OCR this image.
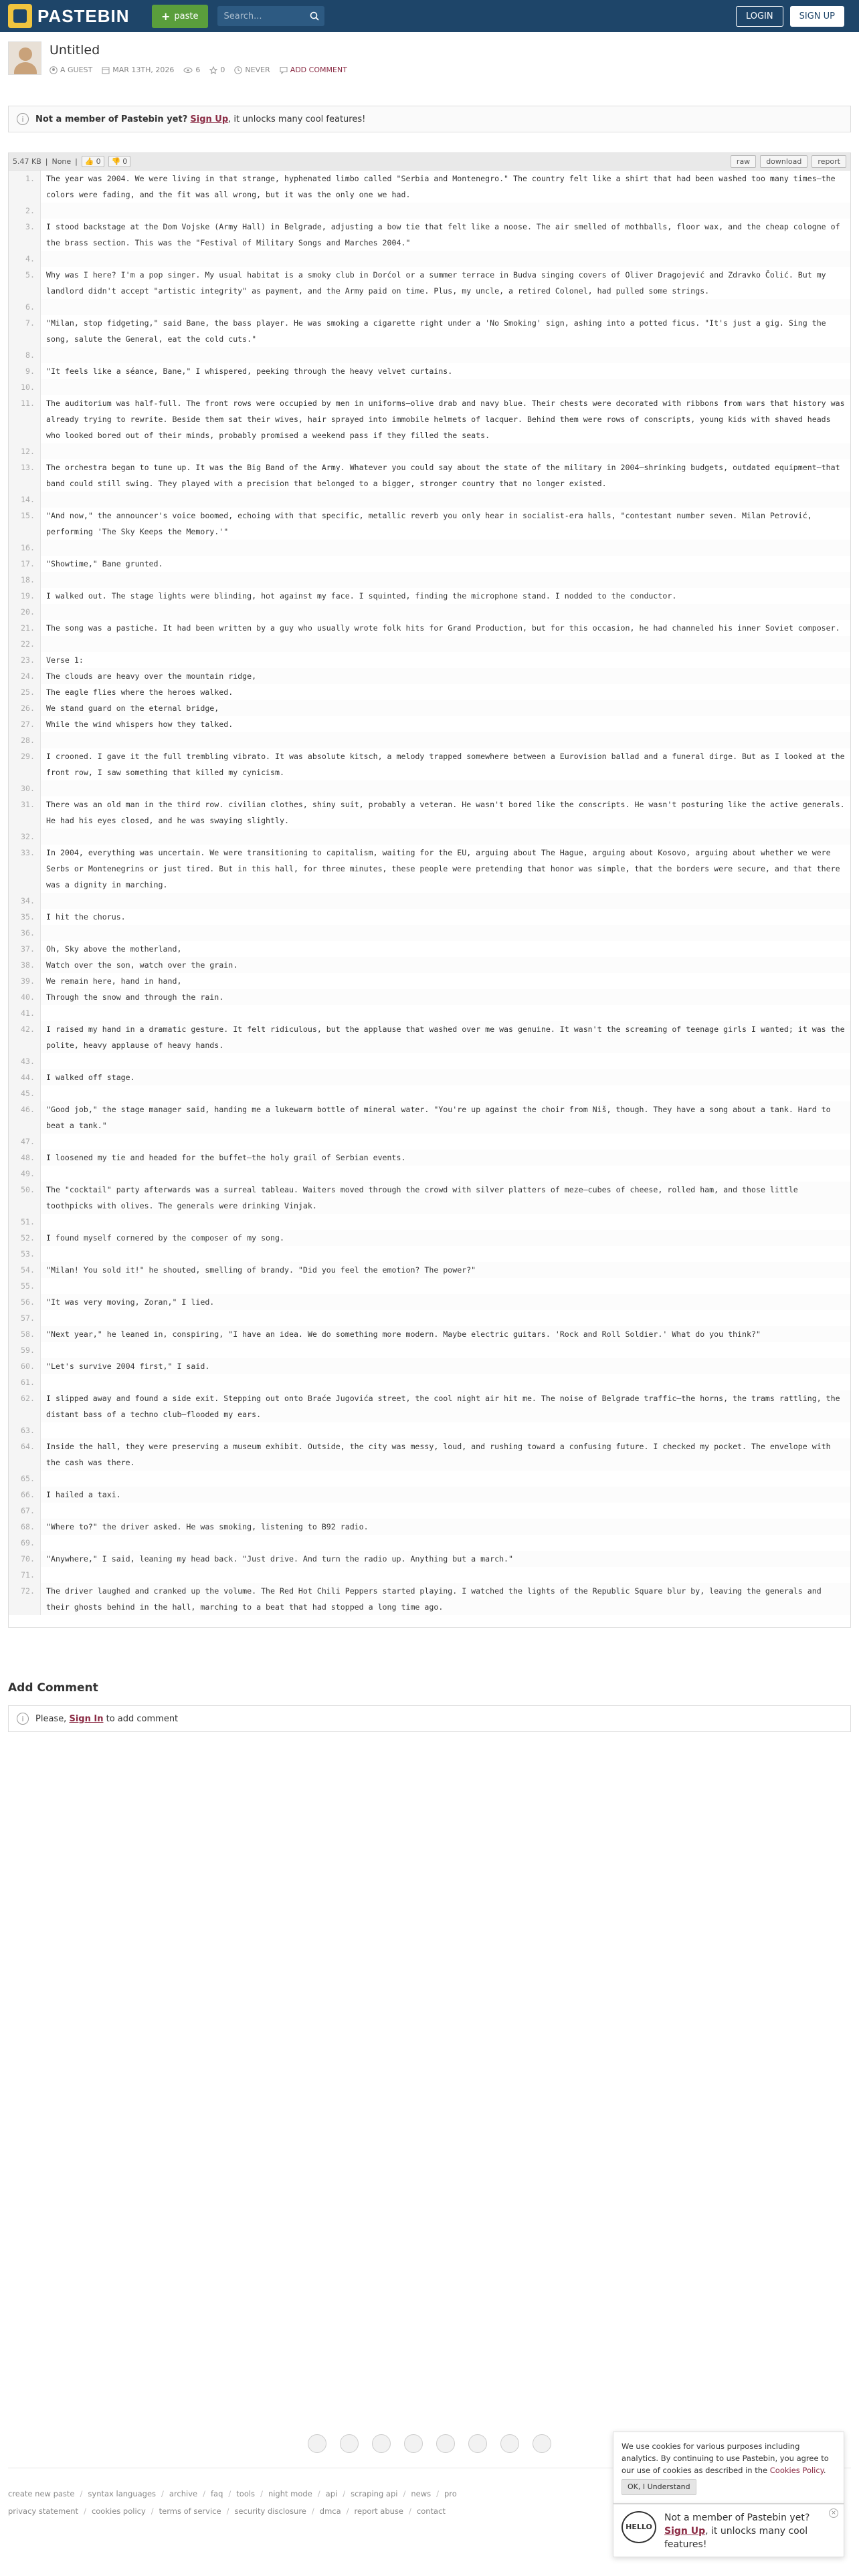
PASTEBIN	+ paste
Search...	LOGIN	SIGN UP
Untitled
A GUEST	MAR 13TH, 2026	6	0	NEVER	ADD COMMENT
i	Not a member of Pastebin yet? Sign Up, it unlocks many cool features!
5.47 KB | None | 👍 0 👎 0	raw	download	report
1.	The year was 2004. We were living in that strange, hyphenated limbo called "Serbia and Montenegro." The country felt like a shirt that had been washed too many times—the colors were fading, and the fit was all wrong, but it was the only one we had.
2.
3.	I stood backstage at the Dom Vojske (Army Hall) in Belgrade, adjusting a bow tie that felt like a noose. The air smelled of mothballs, floor wax, and the cheap cologne of the brass section. This was the "Festival of Military Songs and Marches 2004."
4.
5.	Why was I here? I'm a pop singer. My usual habitat is a smoky club in Dorćol or a summer terrace in Budva singing covers of Oliver Dragojević and Zdravko Čolić. But my landlord didn't accept "artistic integrity" as payment, and the Army paid on time. Plus, my uncle, a retired Colonel, had pulled some strings.
6.
7.	"Milan, stop fidgeting," said Bane, the bass player. He was smoking a cigarette right under a 'No Smoking' sign, ashing into a potted ficus. "It's just a gig. Sing the song, salute the General, eat the cold cuts."
8.
9.	"It feels like a séance, Bane," I whispered, peeking through the heavy velvet curtains.
10.
11.	The auditorium was half-full. The front rows were occupied by men in uniforms—olive drab and navy blue. Their chests were decorated with ribbons from wars that history was already trying to rewrite. Beside them sat their wives, hair sprayed into immobile helmets of lacquer. Behind them were rows of conscripts, young kids with shaved heads who looked bored out of their minds, probably promised a weekend pass if they filled the seats.
12.
13.	The orchestra began to tune up. It was the Big Band of the Army. Whatever you could say about the state of the military in 2004—shrinking budgets, outdated equipment—that band could still swing. They played with a precision that belonged to a bigger, stronger country that no longer existed.
14.
15.	"And now," the announcer's voice boomed, echoing with that specific, metallic reverb you only hear in socialist-era halls, "contestant number seven. Milan Petrović, performing 'The Sky Keeps the Memory.'"
16.
17.	"Showtime," Bane grunted.
18.
19.	I walked out. The stage lights were blinding, hot against my face. I squinted, finding the microphone stand. I nodded to the conductor.
20.
21.	The song was a pastiche. It had been written by a guy who usually wrote folk hits for Grand Production, but for this occasion, he had channeled his inner Soviet composer.
22.
23.	Verse 1:
24.	The clouds are heavy over the mountain ridge,
25.	The eagle flies where the heroes walked.
26.	We stand guard on the eternal bridge,
27.	While the wind whispers how they talked.
28.
29.	I crooned. I gave it the full trembling vibrato. It was absolute kitsch, a melody trapped somewhere between a Eurovision ballad and a funeral dirge. But as I looked at the front row, I saw something that killed my cynicism.
30.
31.	There was an old man in the third row. civilian clothes, shiny suit, probably a veteran. He wasn't bored like the conscripts. He wasn't posturing like the active generals. He had his eyes closed, and he was swaying slightly.
32.
33.	In 2004, everything was uncertain. We were transitioning to capitalism, waiting for the EU, arguing about The Hague, arguing about Kosovo, arguing about whether we were Serbs or Montenegrins or just tired. But in this hall, for three minutes, these people were pretending that honor was simple, that the borders were secure, and that there was a dignity in marching.
34.
35.	I hit the chorus.
36.
37.	Oh, Sky above the motherland,
38.	Watch over the son, watch over the grain.
39.	We remain here, hand in hand,
40.	Through the snow and through the rain.
41.
42.	I raised my hand in a dramatic gesture. It felt ridiculous, but the applause that washed over me was genuine. It wasn't the screaming of teenage girls I wanted; it was the polite, heavy applause of heavy hands.
43.
44.	I walked off stage.
45.
46.	"Good job," the stage manager said, handing me a lukewarm bottle of mineral water. "You're up against the choir from Niš, though. They have a song about a tank. Hard to beat a tank."
47.
48.	I loosened my tie and headed for the buffet—the holy grail of Serbian events.
49.
50.	The "cocktail" party afterwards was a surreal tableau. Waiters moved through the crowd with silver platters of meze—cubes of cheese, rolled ham, and those little toothpicks with olives. The generals were drinking Vinjak.
51.
52.	I found myself cornered by the composer of my song.
53.
54.	"Milan! You sold it!" he shouted, smelling of brandy. "Did you feel the emotion? The power?"
55.
56.	"It was very moving, Zoran," I lied.
57.
58.	"Next year," he leaned in, conspiring, "I have an idea. We do something more modern. Maybe electric guitars. 'Rock and Roll Soldier.' What do you think?"
59.
60.	"Let's survive 2004 first," I said.
61.
62.	I slipped away and found a side exit. Stepping out onto Braće Jugovića street, the cool night air hit me. The noise of Belgrade traffic—the horns, the trams rattling, the distant bass of a techno club—flooded my ears.
63.
64.	Inside the hall, they were preserving a museum exhibit. Outside, the city was messy, loud, and rushing toward a confusing future. I checked my pocket. The envelope with the cash was there.
65.
66.	I hailed a taxi.
67.
68.	"Where to?" the driver asked. He was smoking, listening to B92 radio.
69.
70.	"Anywhere," I said, leaning my head back. "Just drive. And turn the radio up. Anything but a march."
71.
72.	The driver laughed and cranked up the volume. The Red Hot Chili Peppers started playing. I watched the lights of the Republic Square blur by, leaving the generals and their ghosts behind in the hall, marching to a beat that had stopped a long time ago.
Add Comment
i	Please, Sign In to add comment
create new paste / syntax languages / archive / faq / tools / night mode / api / scraping api / news / pro
privacy statement / cookies policy / terms of service / security disclosure / dmca / report abuse / contact
We use cookies for various purposes including analytics. By continuing to use Pastebin, you agree to our use of cookies as described in the Cookies Policy.
OK, I Understand
HELLO
Not a member of Pastebin yet?
Sign Up, it unlocks many cool features!
×
